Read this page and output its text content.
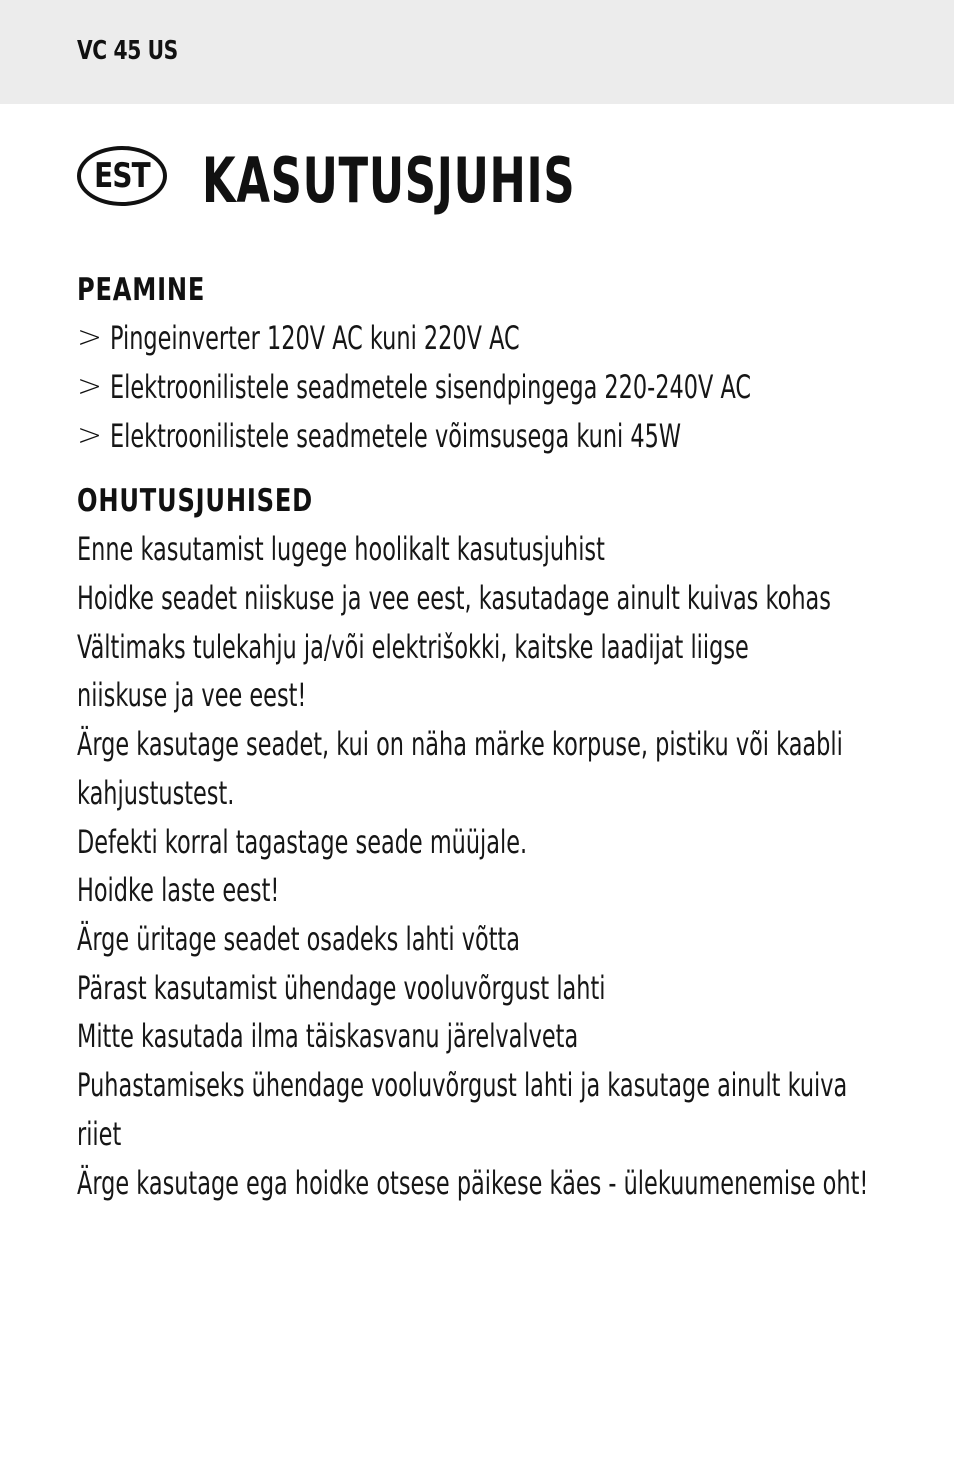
VC 45 US
EST KASUTUSJUHIS
PEAMINE
> Pingeinverter 120V AC kuni 220V AC
> Elektroonilistele seadmetele sisendpingega 220-240V AC
> Elektroonilistele seadmetele võimsusega kuni 45W
OHUTUSJUHISED
Enne kasutamist lugege hoolikalt kasutusjuhist
Hoidke seadet niiskuse ja vee eest, kasutadage ainult kuivas kohas
Vältimaks tulekahju ja/või elektrišokki, kaitske laadijat liigse
niiskuse ja vee eest!
Ärge kasutage seadet, kui on näha märke korpuse, pistiku või kaabli
kahjustustest.
Defekti korral tagastage seade müüjale.
Hoidke laste eest!
Ärge üritage seadet osadeks lahti võtta
Pärast kasutamist ühendage vooluvõrgust lahti
Mitte kasutada ilma täiskasvanu järelvalveta
Puhastamiseks ühendage vooluvõrgust lahti ja kasutage ainult kuiva
riiet
Ärge kasutage ega hoidke otsese päikese käes - ülekuumenemise oht!
